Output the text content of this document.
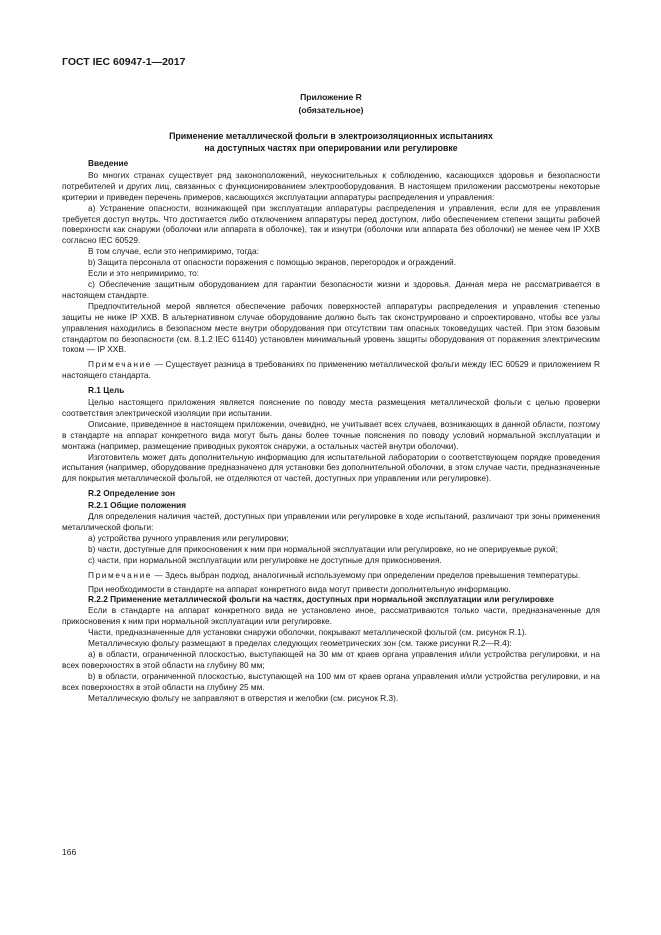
ГОСТ IEC 60947-1—2017
Приложение R
(обязательное)
Применение металлической фольги в электроизоляционных испытаниях
на доступных частях при оперировании или регулировке
Введение

Во многих странах существует ряд законоположений, неукоснительных к соблюдению, касающихся здоровья и безопасности потребителей и других лиц, связанных с функционированием электрооборудования. В настоящем приложении рассмотрены некоторые критерии и приведен перечень примеров, касающихся эксплуатации аппаратуры распределения и управления:

a) Устранение опасности, возникающей при эксплуатации аппаратуры распределения и управления, если для ее управления требуется доступ внутрь. Что достигается либо отключением аппаратуры перед доступом, либо обеспечением степени защиты рабочей поверхности как снаружи (оболочки или аппарата в оболочке), так и изнутри (оболочки или аппарата без оболочки) не менее чем IP XXB согласно IEC 60529.

В том случае, если это непримиримо, тогда:

b) Защита персонала от опасности поражения с помощью экранов, перегородок и ограждений.

Если и это непримиримо, то:

c) Обеспечение защитным оборудованием для гарантии безопасности жизни и здоровья. Данная мера не рассматривается в настоящем стандарте.

Предпочтительной мерой является обеспечение рабочих поверхностей аппаратуры распределения и управления степенью защиты не ниже IP XXB. В альтернативном случае оборудование должно быть так сконструировано и спроектировано, чтобы все узлы управления находились в безопасном месте внутри оборудования при отсутствии там опасных токоведущих частей. При этом базовым стандартом по безопасности (см. 8.1.2 IEC 61140) установлен минимальный уровень защиты оборудования от поражения электрическим током — IP XXB.

Примечание — Существует разница в требованиях по применению металлической фольги между IEC 60529 и приложением R настоящего стандарта.

R.1 Цель

Целью настоящего приложения является пояснение по поводу места размещения металлической фольги с целью проверки соответствия электрической изоляции при испытании.

Описание, приведенное в настоящем приложении, очевидно, не учитывает всех случаев, возникающих в данной области, поэтому в стандарте на аппарат конкретного вида могут быть даны более точные пояснения по поводу условий нормальной эксплуатации и монтажа (например, размещение приводных рукояток снаружи, а остальных частей внутри оболочки).

Изготовитель может дать дополнительную информацию для испытательной лаборатории о соответствующем порядке проведения испытания (например, оборудование предназначено для установки без дополнительной оболочки, в этом случае части, предназначенные для покрытия металлической фольгой, не отделяются от частей, доступных при управлении или регулировке).

R.2 Определение зон
R.2.1 Общие положения

Для определения наличия частей, доступных при управлении или регулировке в ходе испытаний, различают три зоны применения металлической фольги:

a) устройства ручного управления или регулировки;

b) части, доступные для прикосновения к ним при нормальной эксплуатации или регулировке, но не оперируемые рукой;

c) части, при нормальной эксплуатации или регулировке не доступные для прикосновения.

Примечание — Здесь выбран подход, аналогичный используемому при определении пределов превышения температуры.

При необходимости в стандарте на аппарат конкретного вида могут привести дополнительную информацию.

R.2.2 Применение металлической фольги на частях, доступных при нормальной эксплуатации или регулировке

Если в стандарте на аппарат конкретного вида не установлено иное, рассматриваются только части, предназначенные для прикосновения к ним при нормальной эксплуатации или регулировке.

Части, предназначенные для установки снаружи оболочки, покрывают металлической фольгой (см. рисунок R.1).

Металлическую фольгу размещают в пределах следующих геометрических зон (см. также рисунки R.2—R.4):

a) в области, ограниченной плоскостью, выступающей на 30 мм от краев органа управления и/или устройства регулировки, и на всех поверхностях в этой области на глубину 80 мм;

b) в области, ограниченной плоскостью, выступающей на 100 мм от краев органа управления и/или устройства регулировки, и на всех поверхностях в этой области на глубину 25 мм.

Металлическую фольгу не заправляют в отверстия и желобки (см. рисунок R.3).

166
